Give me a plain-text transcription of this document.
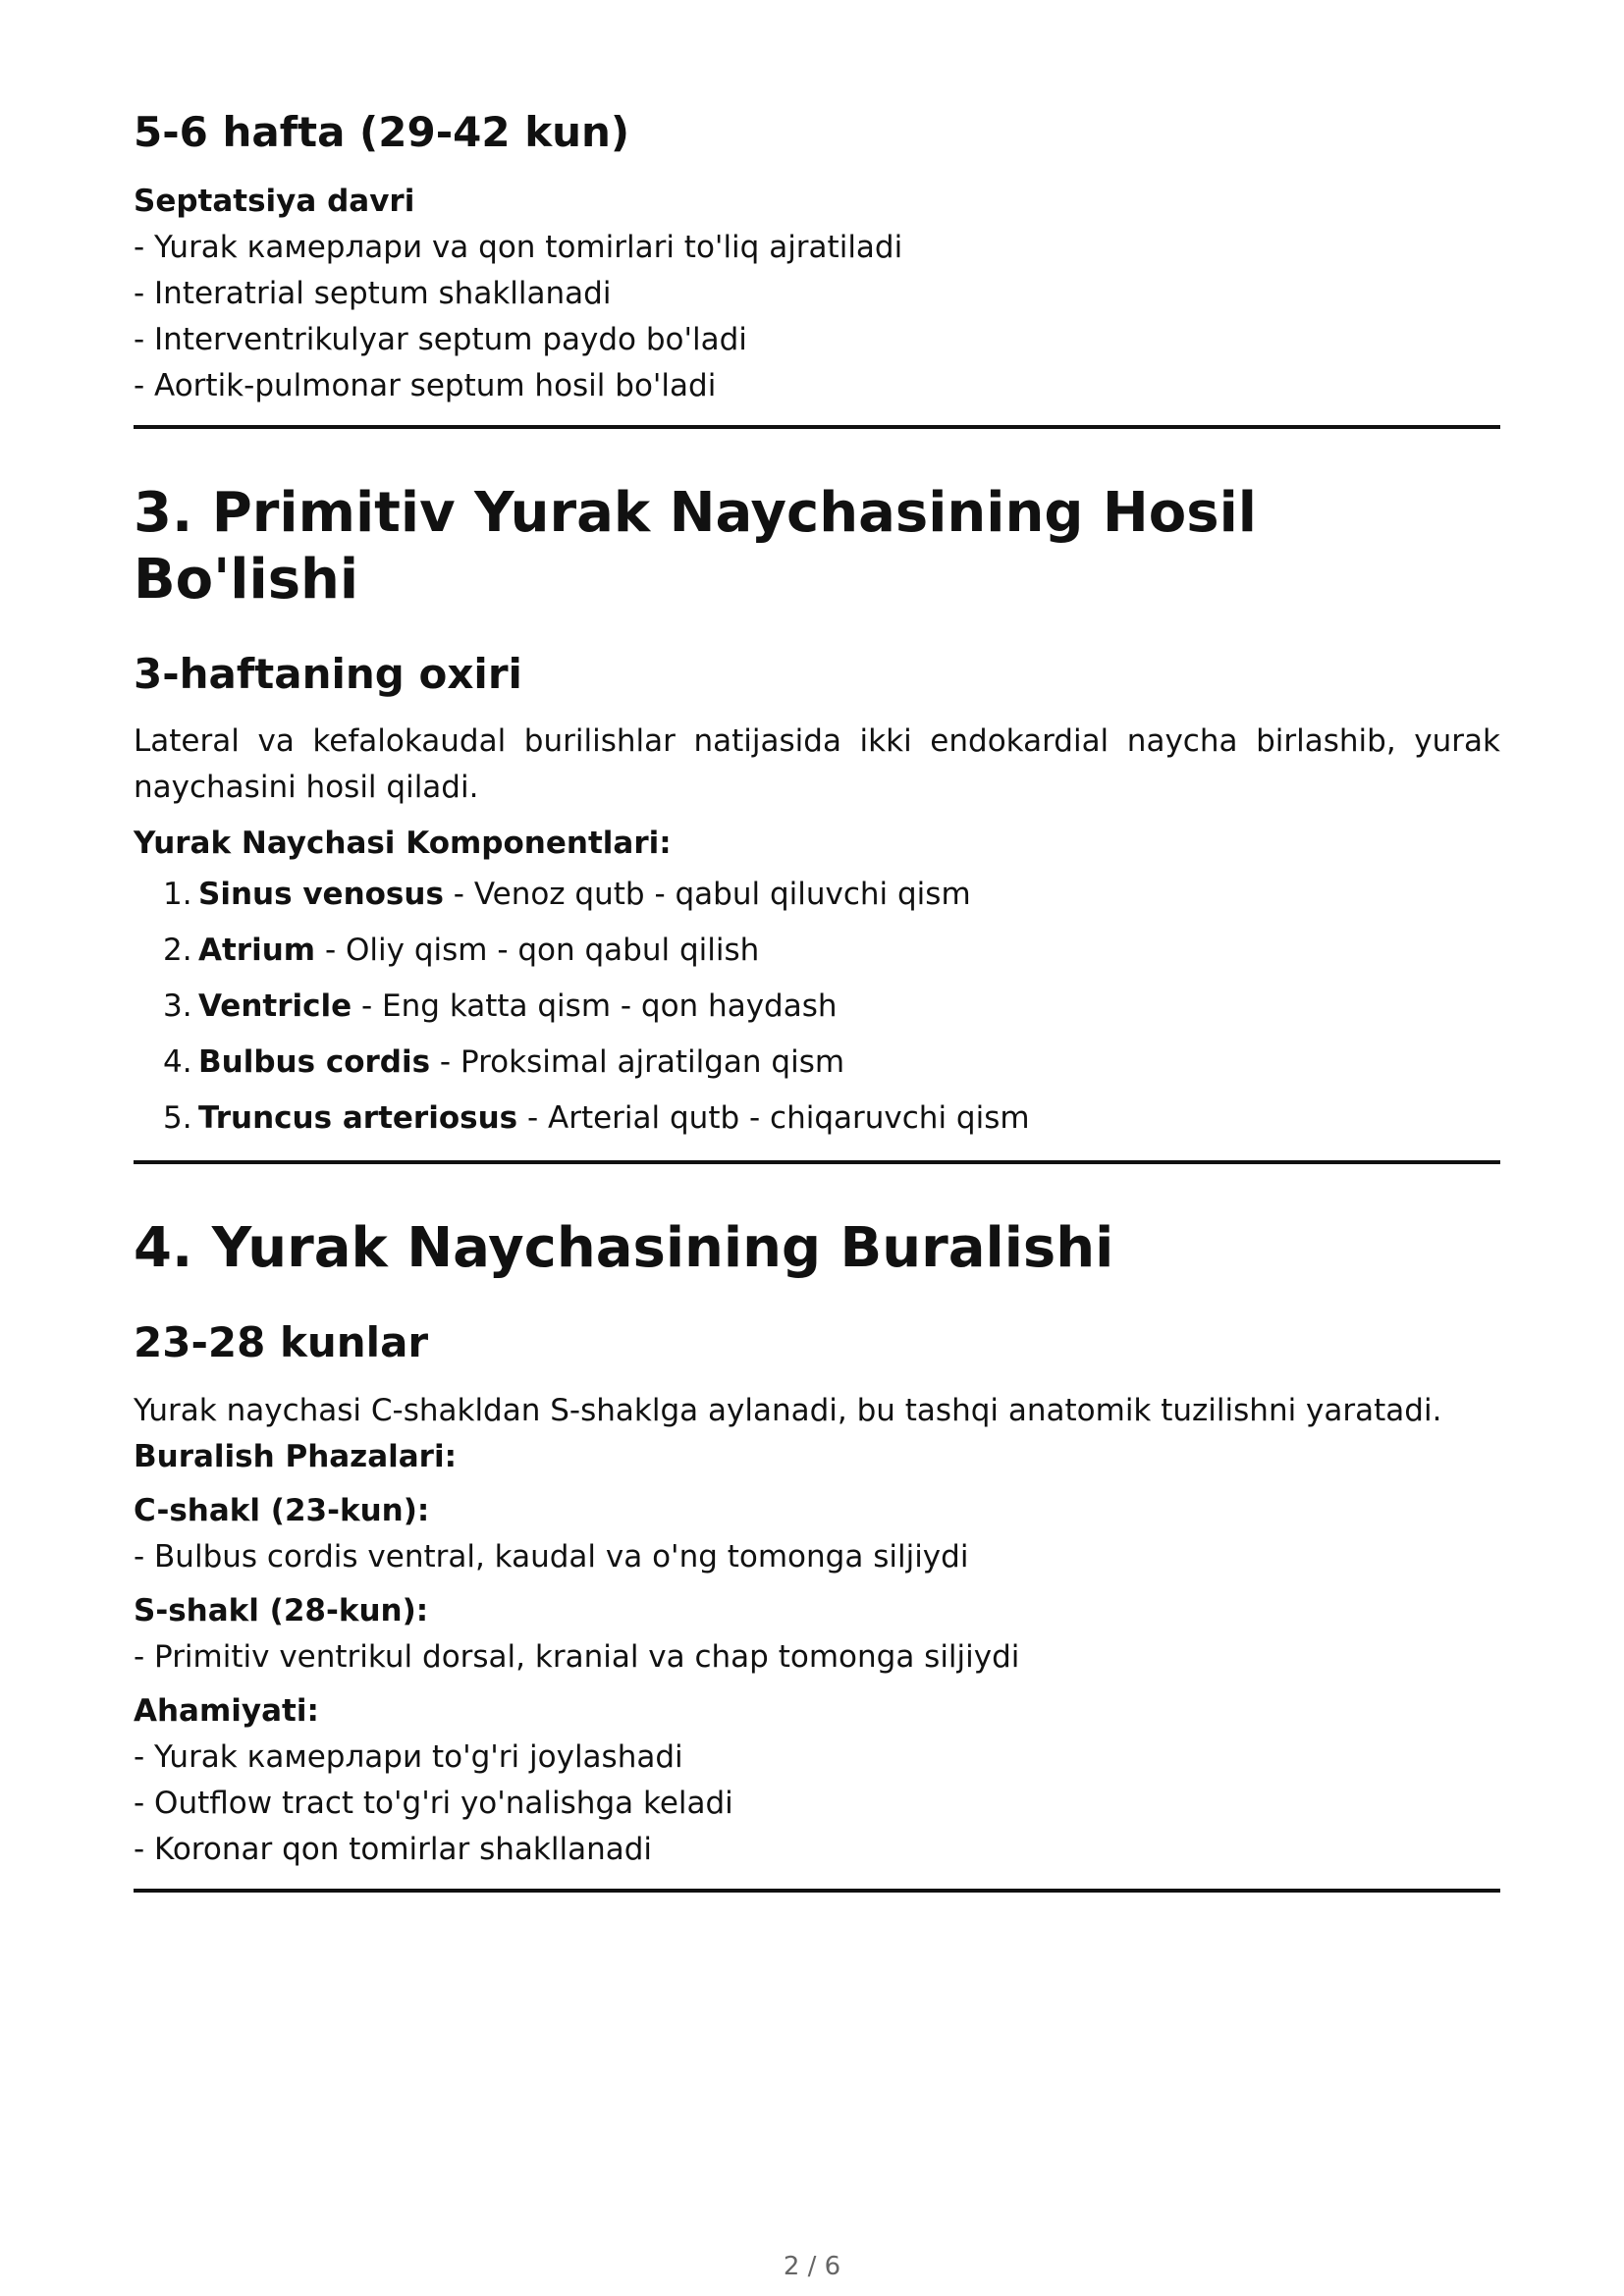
5-6 hafta (29-42 kun)
Septatsiya davri
- Yurak камерлари va qon tomirlari to'liq ajratiladi
- Interatrial septum shakllanadi
- Interventrikulyar septum paydo bo'ladi
- Aortik-pulmonar septum hosil bo'ladi
3. Primitiv Yurak Naychasining Hosil Bo'lishi
3-haftaning oxiri

Lateral va kefalokaudal burilishlar natijasida ikki endokardial naycha birlashib, yurak naychasini hosil qiladi.

Yurak Naychasi Komponentlari:
1. Sinus venosus - Venoz qutb - qabul qiluvchi qism
2. Atrium - Oliy qism - qon qabul qilish
3. Ventricle - Eng katta qism - qon haydash
4. Bulbus cordis - Proksimal ajratilgan qism
5. Truncus arteriosus - Arterial qutb - chiqaruvchi qism
4. Yurak Naychasining Buralishi
23-28 kunlar

Yurak naychasi C-shakldan S-shaklga aylanadi, bu tashqi anatomik tuzilishni yaratadi.

Buralish Phazalari:
C-shakl (23-kun):
- Bulbus cordis ventral, kaudal va o'ng tomonga siljiydi
S-shakl (28-kun):
- Primitiv ventrikul dorsal, kranial va chap tomonga siljiydi
Ahamiyati:
- Yurak камерлари to'g'ri joylashadi
- Outflow tract to'g'ri yo'nalishga keladi
- Koronar qon tomirlar shakllanadi
2 / 6
